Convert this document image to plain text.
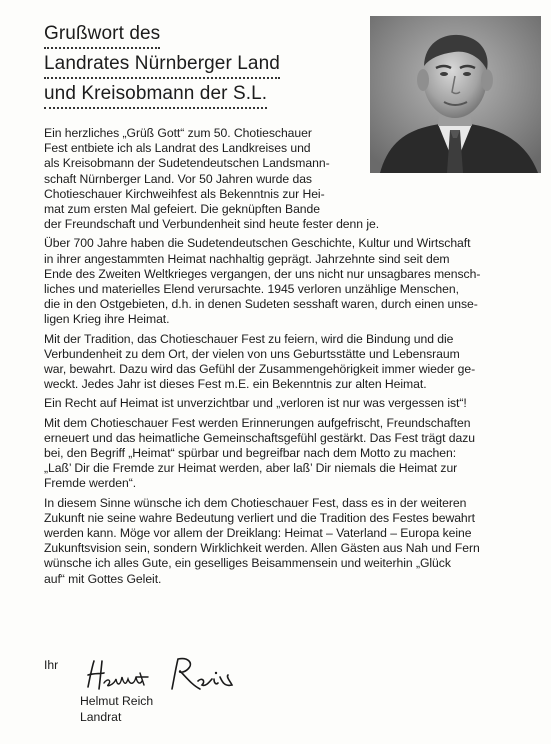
Grußwort des
Landrates Nürnberger Land
und Kreisobmann der S.L.

Ein herzliches „Grüß Gott“ zum 50. Chotieschauer
Fest entbiete ich als Landrat des Landkreises und
als Kreisobmann der Sudetendeutschen Landsmann-
schaft Nürnberger Land. Vor 50 Jahren wurde das
Chotieschauer Kirchweihfest als Bekenntnis zur Hei-
mat zum ersten Mal gefeiert. Die geknüpften Bande
der Freundschaft und Verbundenheit sind heute fester denn je.

Über 700 Jahre haben die Sudetendeutschen Geschichte, Kultur und Wirtschaft
in ihrer angestammten Heimat nachhaltig geprägt. Jahrzehnte sind seit dem
Ende des Zweiten Weltkrieges vergangen, der uns nicht nur unsagbares mensch-
liches und materielles Elend verursachte. 1945 verloren unzählige Menschen,
die in den Ostgebieten, d.h. in denen Sudeten sesshaft waren, durch einen unse-
ligen Krieg ihre Heimat.

Mit der Tradition, das Chotieschauer Fest zu feiern, wird die Bindung und die
Verbundenheit zu dem Ort, der vielen von uns Geburtsstätte und Lebensraum
war, bewahrt. Dazu wird das Gefühl der Zusammengehörigkeit immer wieder ge-
weckt. Jedes Jahr ist dieses Fest m.E. ein Bekenntnis zur alten Heimat.

Ein Recht auf Heimat ist unverzichtbar und „verloren ist nur was vergessen ist“!

Mit dem Chotieschauer Fest werden Erinnerungen aufgefrischt, Freundschaften
erneuert und das heimatliche Gemeinschaftsgefühl gestärkt. Das Fest trägt dazu
bei, den Begriff „Heimat“ spürbar und begreifbar nach dem Motto zu machen:
„Laß’ Dir die Fremde zur Heimat werden, aber laß’ Dir niemals die Heimat zur
Fremde werden“.

In diesem Sinne wünsche ich dem Chotieschauer Fest, dass es in der weiteren
Zukunft nie seine wahre Bedeutung verliert und die Tradition des Festes bewahrt
werden kann. Möge vor allem der Dreiklang: Heimat – Vaterland – Europa keine
Zukunftsvision sein, sondern Wirklichkeit werden. Allen Gästen aus Nah und Fern
wünsche ich alles Gute, ein geselliges Beisammensein und weiterhin „Glück
auf“ mit Gottes Geleit.

Ihr
Helmut Reich
Landrat
